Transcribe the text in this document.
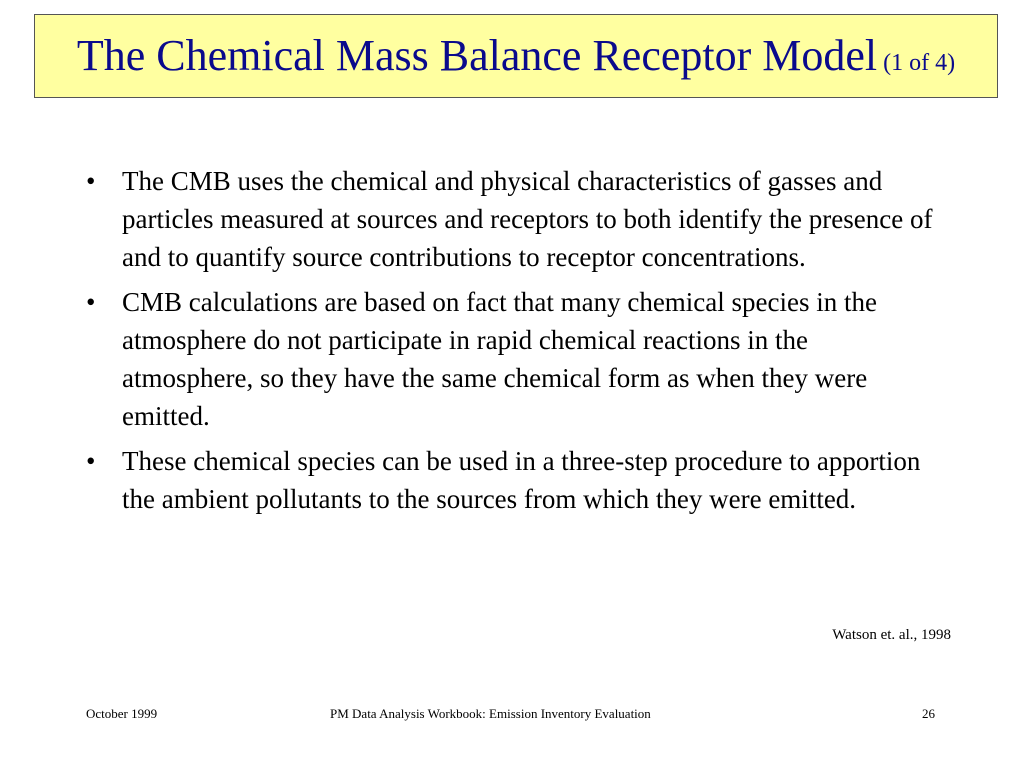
The Chemical Mass Balance Receptor Model (1 of 4)
• The CMB uses the chemical and physical characteristics of gasses and particles measured at sources and receptors to both identify the presence of and to quantify source contributions to receptor concentrations.
• CMB calculations are based on fact that many chemical species in the atmosphere do not participate in rapid chemical reactions in the atmosphere, so they have the same chemical form as when they were emitted.
• These chemical species can be used in a three-step procedure to apportion the ambient pollutants to the sources from which they were emitted.
Watson et. al., 1998
October 1999	PM Data Analysis Workbook: Emission Inventory Evaluation	26
